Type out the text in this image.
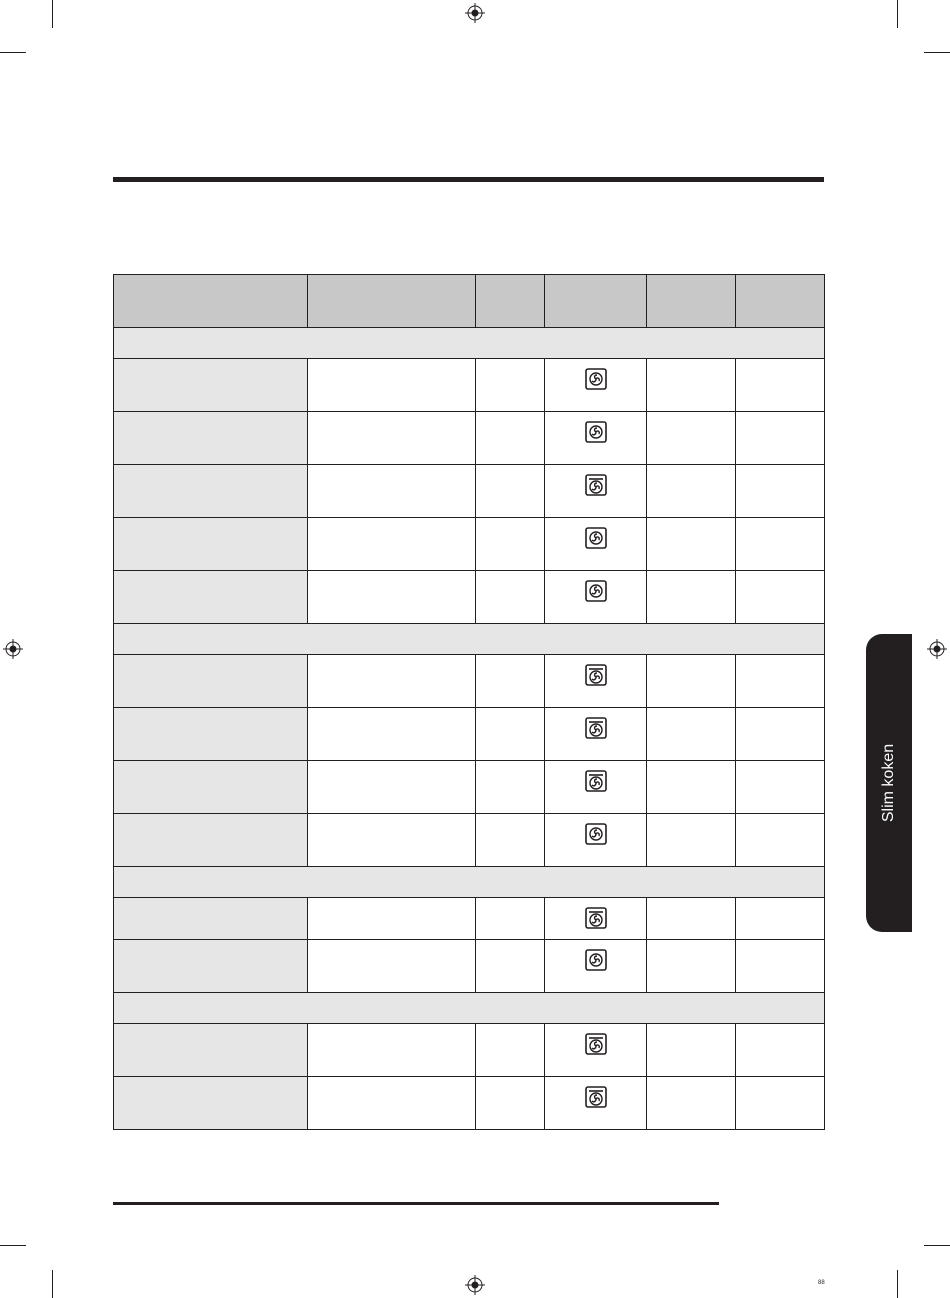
Slim koken
88
